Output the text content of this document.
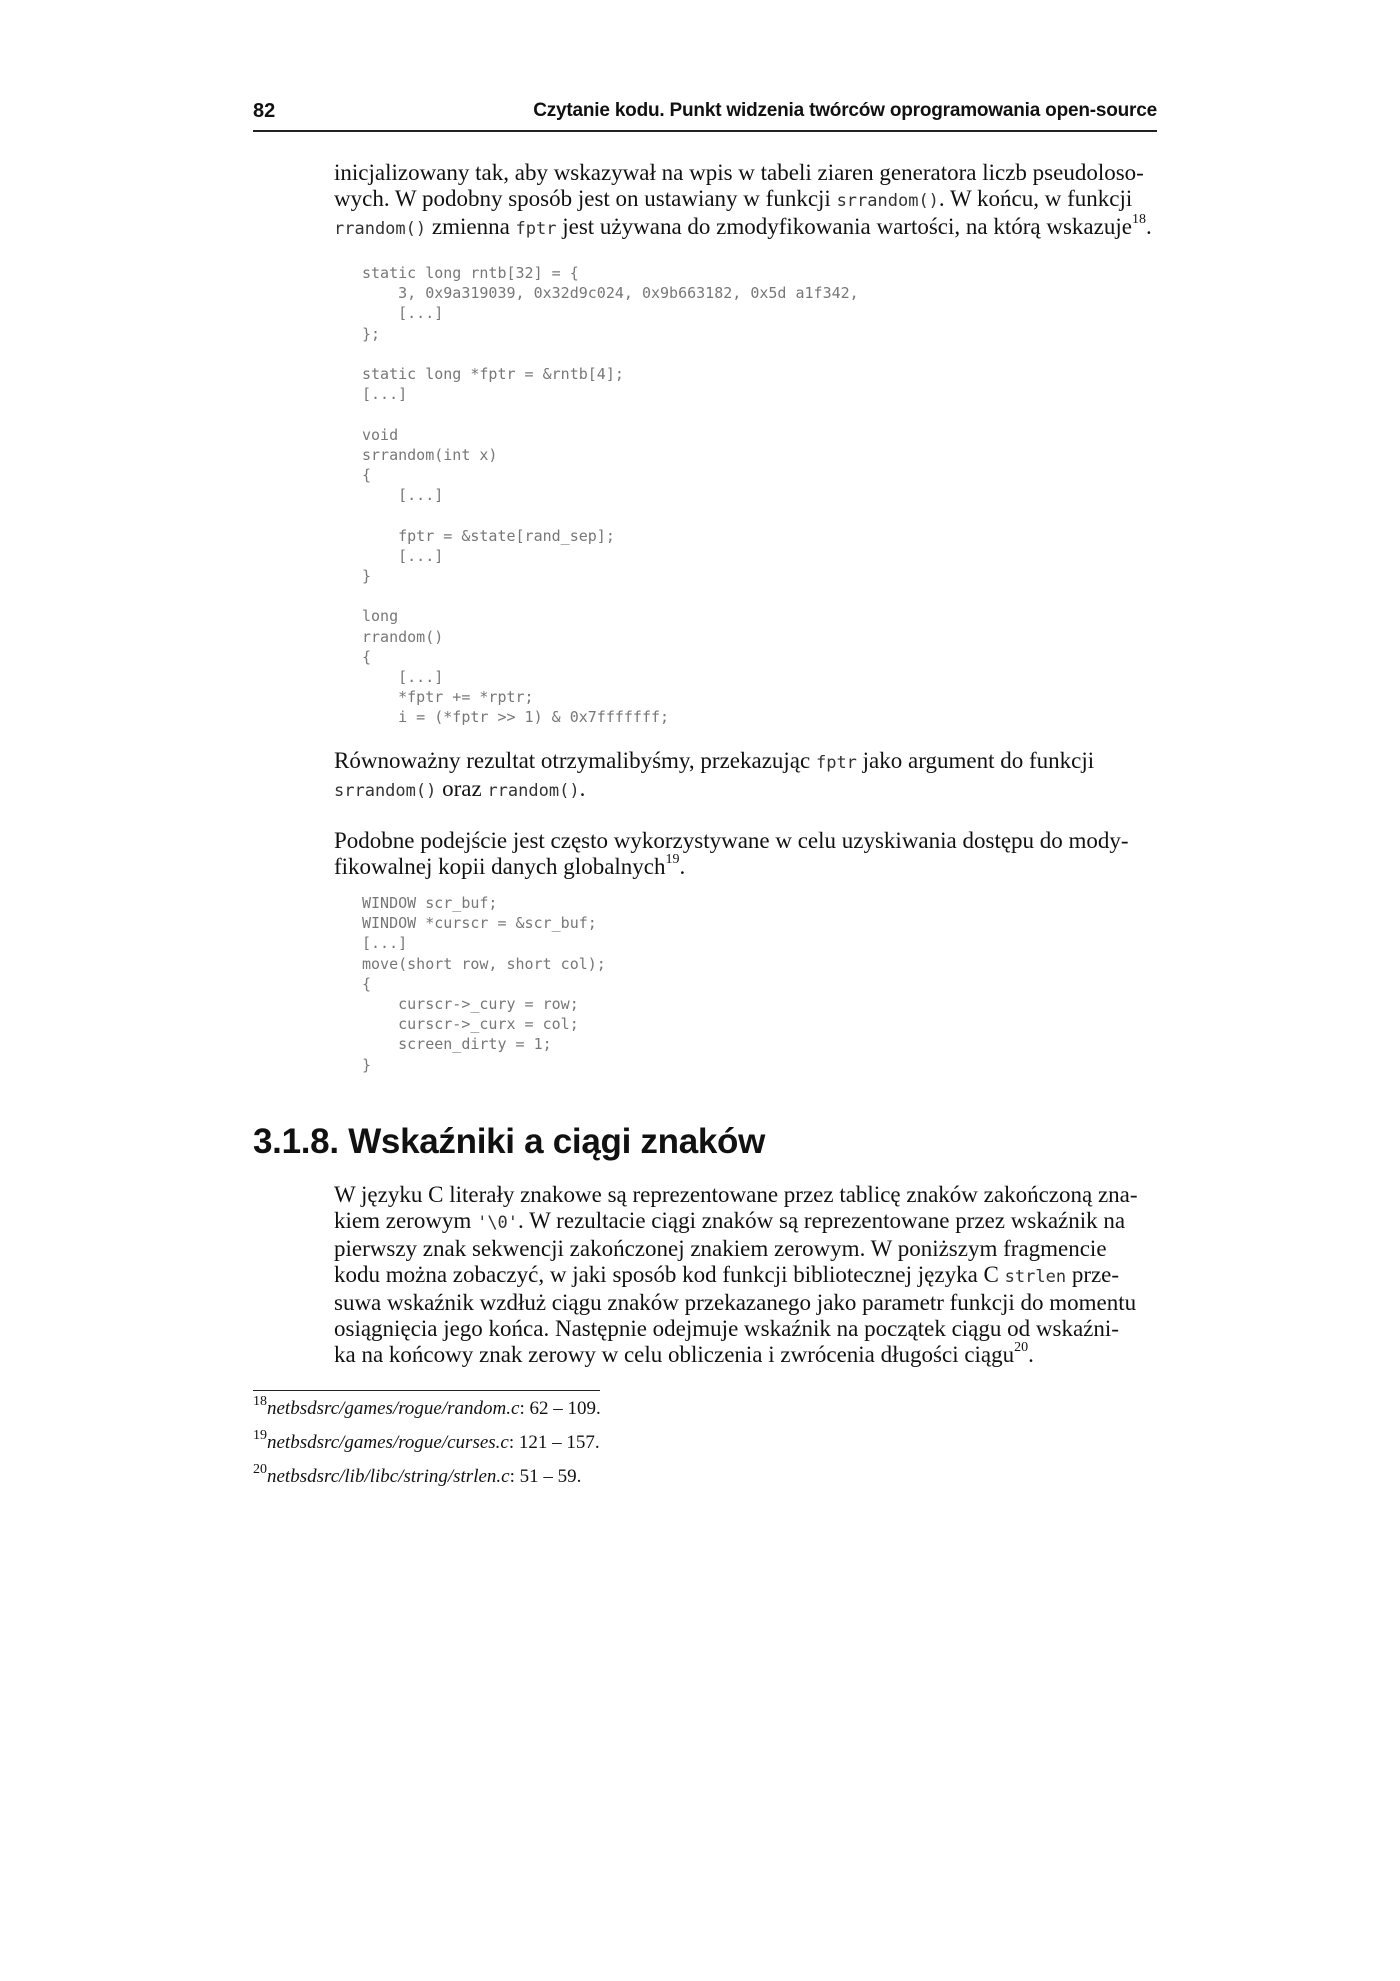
82	Czytanie kodu. Punkt widzenia twórców oprogramowania open-source
inicjalizowany tak, aby wskazywał na wpis w tabeli ziaren generatora liczb pseudoloso-
wych. W podobny sposób jest on ustawiany w funkcji srrandom(). W końcu, w funkcji
rrandom() zmienna fptr jest używana do zmodyfikowania wartości, na którą wskazuje$^{18}$.
static long rntb[32] = {
3, 0x9a319039, 0x32d9c024, 0x9b663182, 0x5d a1f342,
[...]
};

static long *fptr = &rntb[4];
[...]

void
srrandom(int x)
{
[...]

fptr = &state[rand_sep];
[...]
}

long
rrandom()
{
[...]
*fptr += *rptr;
i = (*fptr >> 1) & 0x7fffffff;
Równoważny rezultat otrzymalibyśmy, przekazując fptr jako argument do funkcji
srrandom() oraz rrandom().
Podobne podejście jest często wykorzystywane w celu uzyskiwania dostępu do mody-
fikowalnej kopii danych globalnych$^{19}$.
WINDOW scr_buf;
WINDOW *curscr = &scr_buf;
[...]
move(short row, short col);
{
curscr->_cury = row;
curscr->_curx = col;
screen_dirty = 1;
}
3.1.8. Wskaźniki a ciągi znaków
W języku C literały znakowe są reprezentowane przez tablicę znaków zakończoną zna-
kiem zerowym '\0'. W rezultacie ciągi znaków są reprezentowane przez wskaźnik na
pierwszy znak sekwencji zakończonej znakiem zerowym. W poniższym fragmencie
kodu można zobaczyć, w jaki sposób kod funkcji bibliotecznej języka C strlen prze-
suwa wskaźnik wzdłuż ciągu znaków przekazanego jako parametr funkcji do momentu
osiągnięcia jego końca. Następnie odejmuje wskaźnik na początek ciągu od wskaźni-
ka na końcowy znak zerowy w celu obliczenia i zwrócenia długości ciągu$^{20}$.

$^{18}$netbsdsrc/games/rogue/random.c: 62 – 109.

$^{19}$netbsdsrc/games/rogue/curses.c: 121 – 157.

$^{20}$netbsdsrc/lib/libc/string/strlen.c: 51 – 59.
